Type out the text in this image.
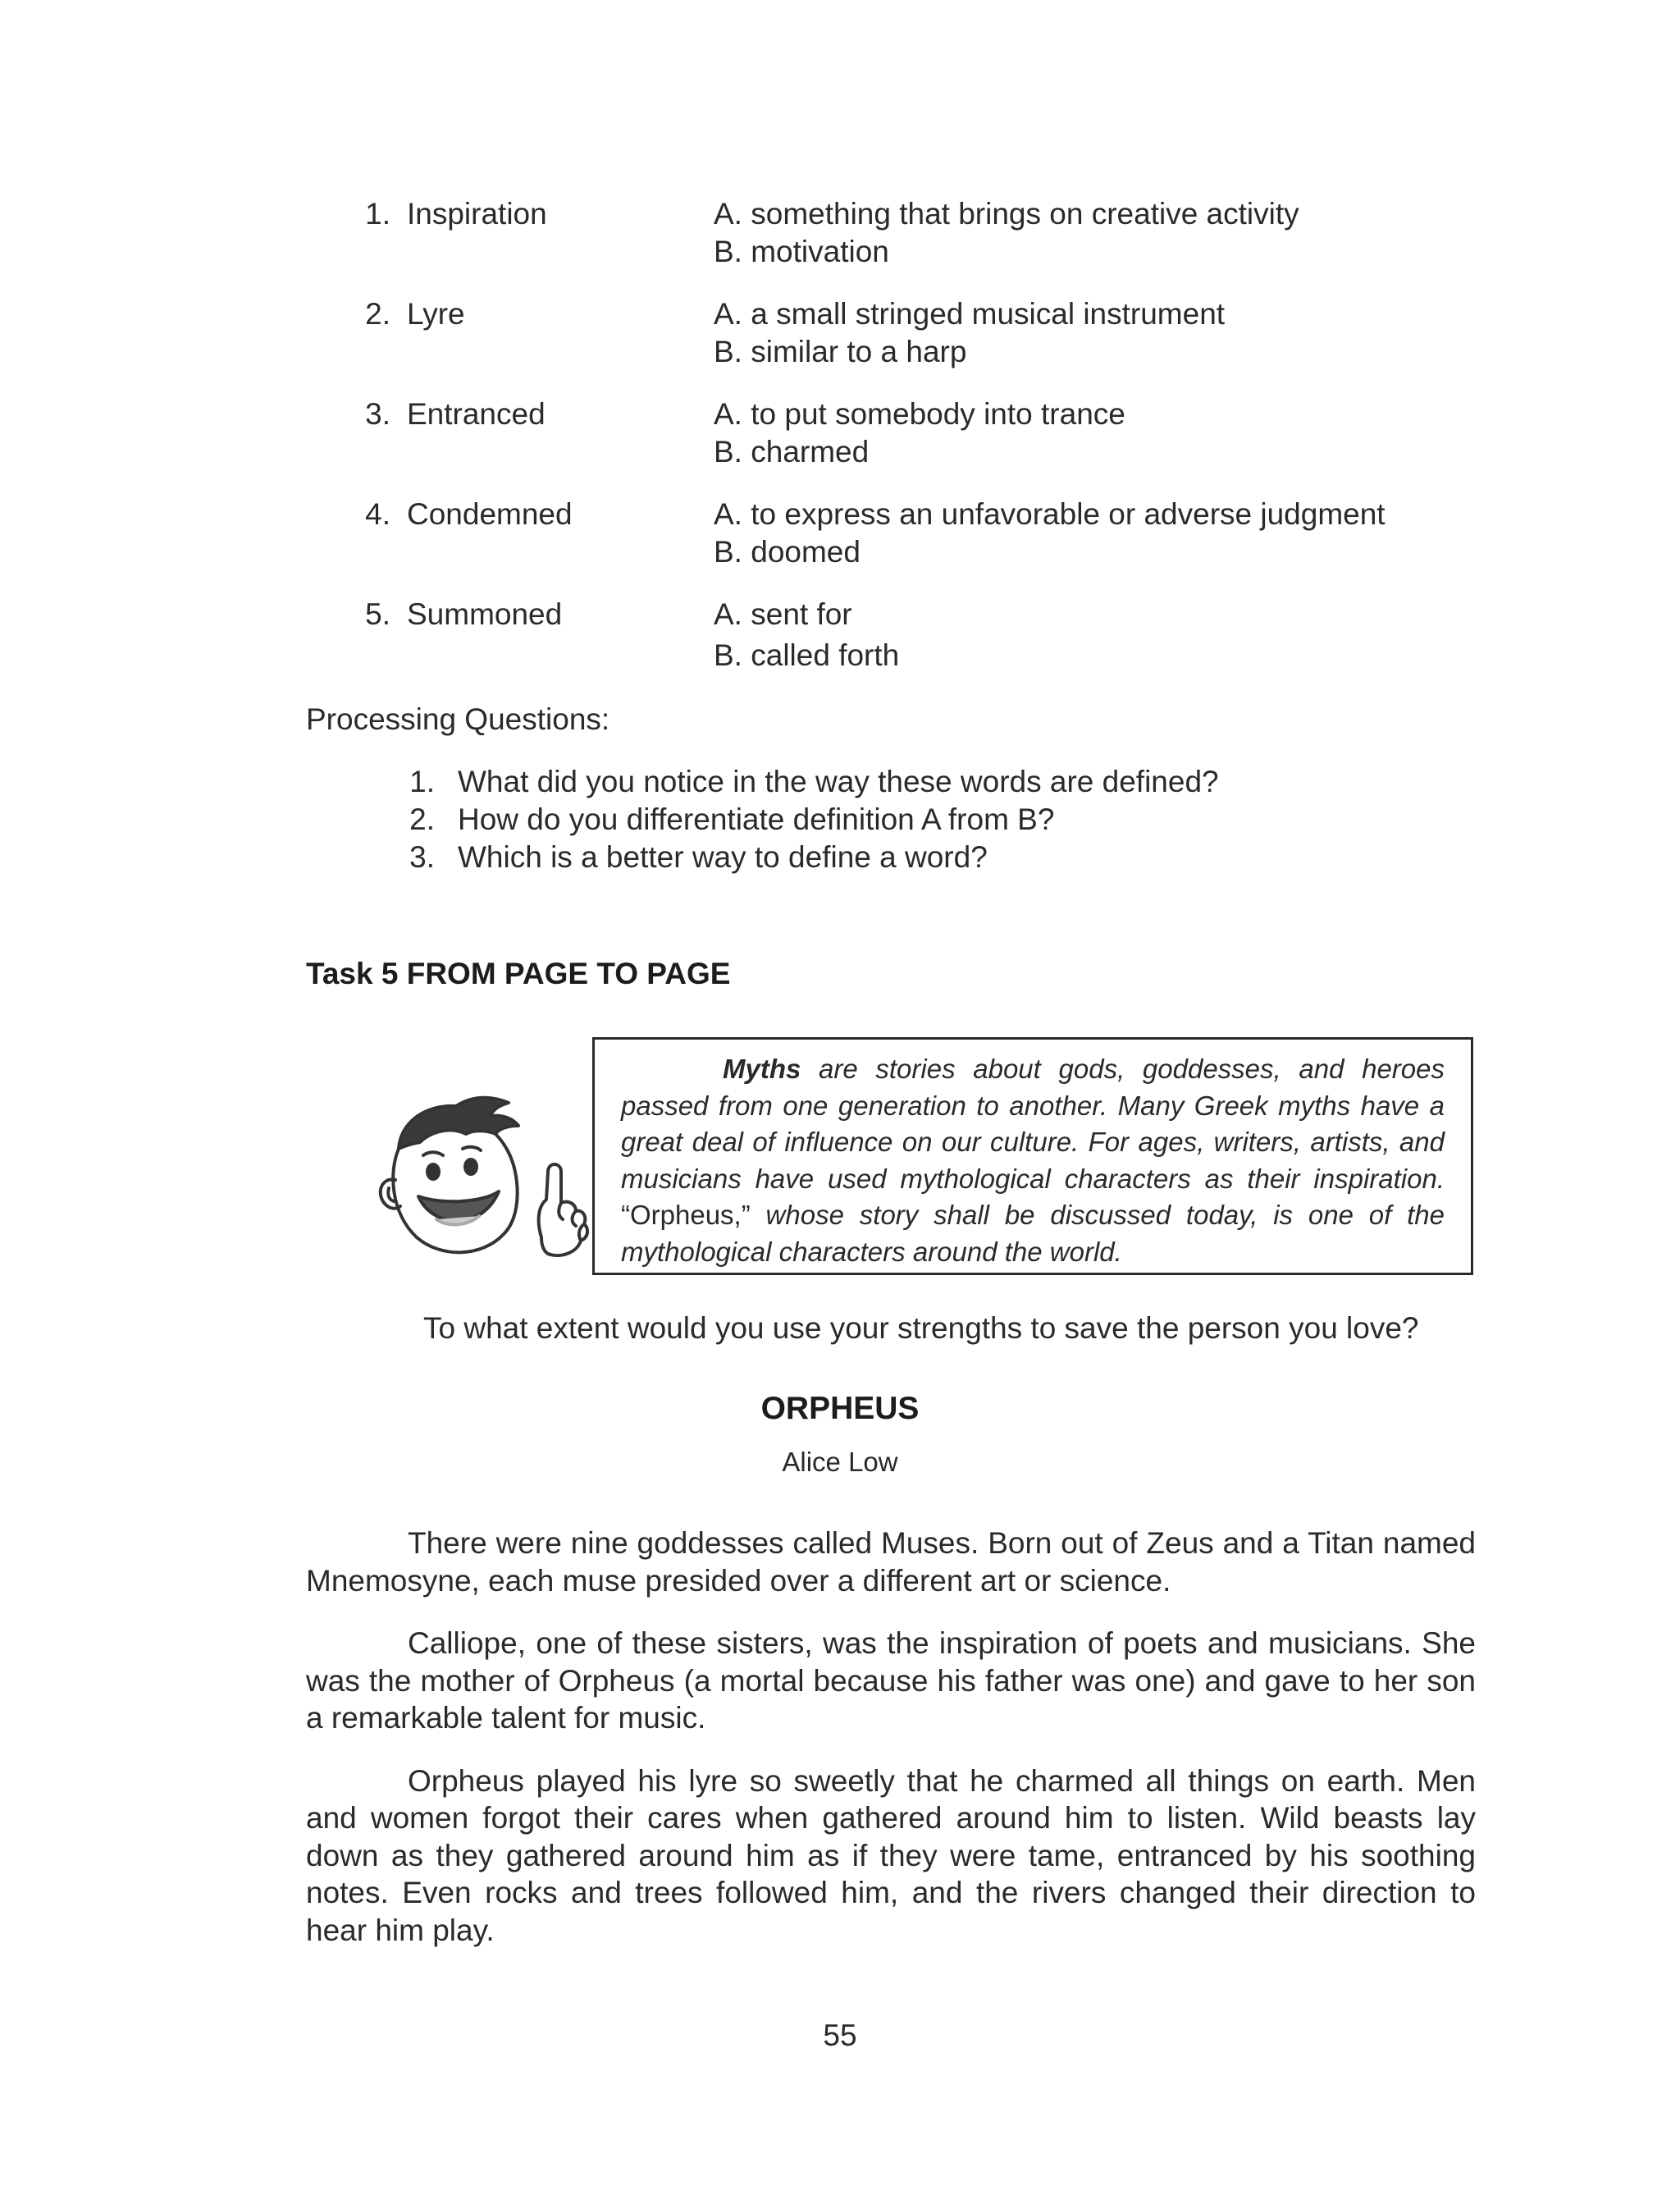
1. Inspiration	A. something that brings on creative activity
B. motivation
2. Lyre	A. a small stringed musical instrument
B. similar to a harp
3. Entranced	A. to put somebody into trance
B. charmed
4. Condemned	A. to express an unfavorable or adverse judgment
B. doomed
5. Summoned	A. sent for
B. called forth
Processing Questions:
1. What did you notice in the way these words are defined?
2. How do you differentiate definition A from B?
3. Which is a better way to define a word?
Task 5 FROM PAGE TO PAGE
Myths are stories about gods, goddesses, and heroes passed from one generation to another. Many Greek myths have a great deal of influence on our culture. For ages, writers, artists, and musicians have used mythological characters as their inspiration. “Orpheus,” whose story shall be discussed today, is one of the mythological characters around the world.
To what extent would you use your strengths to save the person you love?
ORPHEUS
Alice Low

There were nine goddesses called Muses. Born out of Zeus and a Titan named Mnemosyne, each muse presided over a different art or science.

Calliope, one of these sisters, was the inspiration of poets and musicians. She was the mother of Orpheus (a mortal because his father was one) and gave to her son a remarkable talent for music.

Orpheus played his lyre so sweetly that he charmed all things on earth. Men and women forgot their cares when gathered around him to listen. Wild beasts lay down as they gathered around him as if they were tame, entranced by his soothing notes. Even rocks and trees followed him, and the rivers changed their direction to hear him play.

55
